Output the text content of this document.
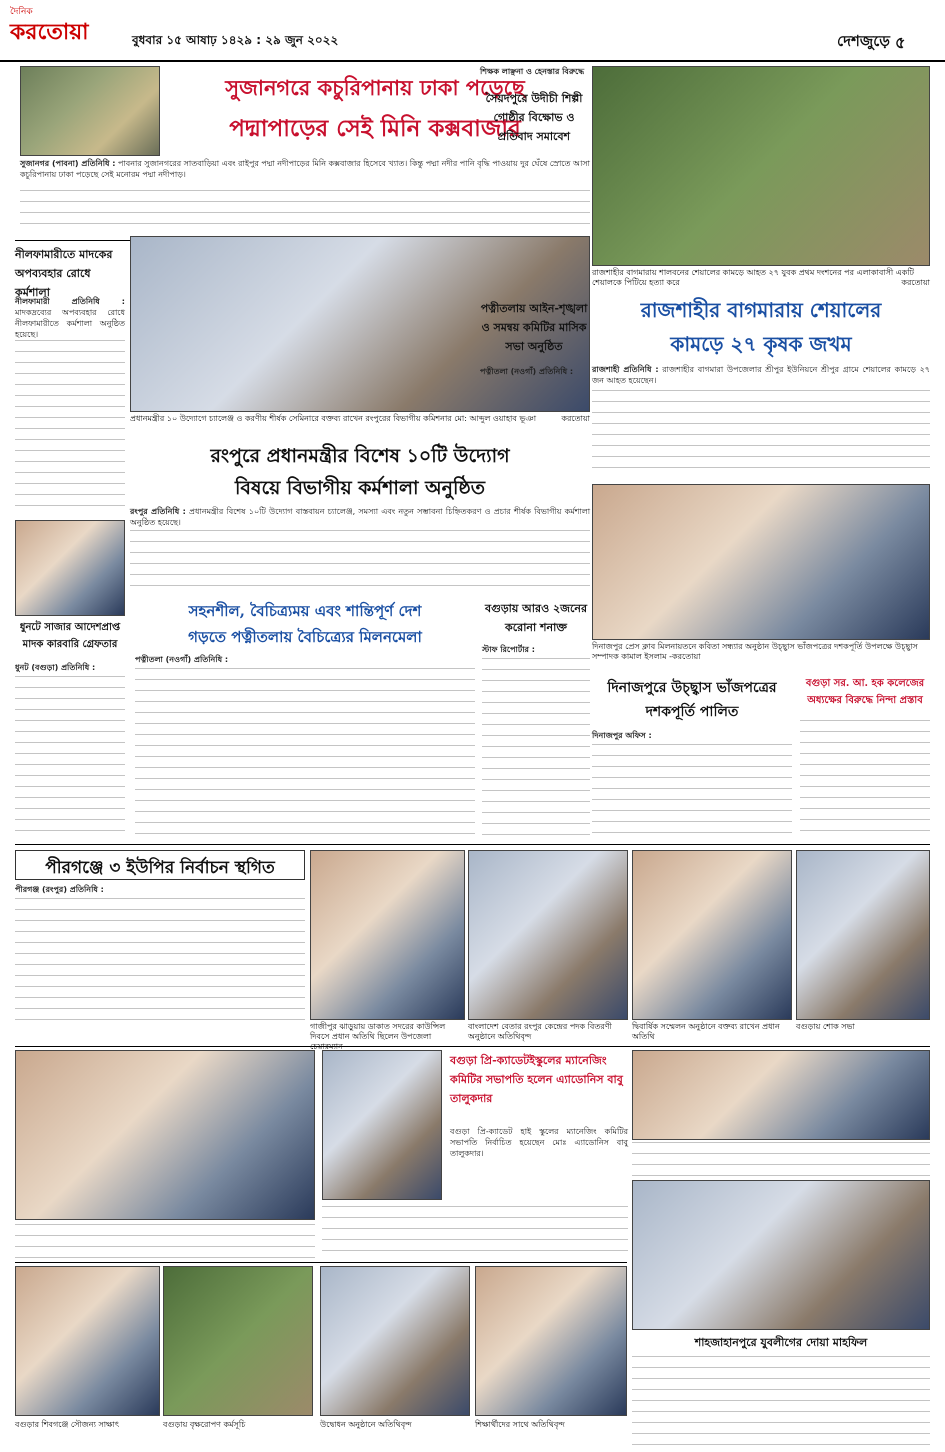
দৈনিক
করতোয়া	বুধবার ১৫ আষাঢ় ১৪২৯ : ২৯ জুন ২০২২	দেশজুড়ে ৫
সুজানগরে কচুরিপানায় ঢাকা পড়েছে
পদ্মাপাড়ের সেই মিনি কক্সবাজার
সুজানগর (পাবনা) প্রতিনিধি : পাবনার সুজানগরের সাতবাড়িয়া এবং রাইপুর পদ্মা নদীপাড়ের মিনি কক্সবাজার হিসেবে খ্যাত। কিন্তু পদ্মা নদীর পানি বৃদ্ধি পাওয়ায় দুর ঘেঁষে স্রোতে আসা কচুরিপানায় ঢাকা পড়েছে সেই মনোরম পদ্মা নদীপাড়।
নীলফামারীতে মাদকের অপব্যবহার রোধে কর্মশালা
নীলফামারী প্রতিনিধি : মাদকদ্রব্যের অপব্যবহার রোধে নীলফামারীতে কর্মশালা অনুষ্ঠিত হয়েছে।
প্রধানমন্ত্রীর ১০ উদ্যোগে চ্যালেঞ্জ ও করণীয় শীর্ষক সেমিনারে বক্তব্য রাখেন রংপুরের বিভাগীয় কমিশনার মো: আব্দুল ওয়াহাব ভূঞা	করতোয়া
রংপুরে প্রধানমন্ত্রীর বিশেষ ১০টি উদ্যোগ
বিষয়ে বিভাগীয় কর্মশালা অনুষ্ঠিত
রংপুর প্রতিনিধি : প্রধানমন্ত্রীর বিশেষ ১০টি উদ্যোগ বাস্তবায়ন চ্যালেঞ্জ, সমস্যা এবং নতুন সম্ভাবনা চিহ্নিতকরণ ও প্রচার শীর্ষক বিভাগীয় কর্মশালা অনুষ্ঠিত হয়েছে।
ধুনটে সাজার আদেশপ্রাপ্ত মাদক কারবারি গ্রেফতার
ধুনট (বগুড়া) প্রতিনিধি :
সহনশীল, বৈচিত্র্যময় এবং শান্তিপূর্ণ দেশ
গড়তে পত্নীতলায় বৈচিত্র্যের মিলনমেলা
পত্নীতলা (নওগাঁ) প্রতিনিধি :
বগুড়ায় আরও ২জনের করোনা শনাক্ত
স্টাফ রিপোর্টার :
শিক্ষক লাঞ্ছনা ও হেনস্তার বিরুদ্ধে
সৈয়দপুরে উদীচী শিল্পী গোষ্ঠীর বিক্ষোভ ও প্রতিবাদ সমাবেশ
পত্নীতলায় আইন-শৃঙ্খলা ও সমন্বয় কমিটির মাসিক সভা অনুষ্ঠিত
পত্নীতলা (নওগাঁ) প্রতিনিধি :
রাজশাহীর বাগমারায় শালবনের শেয়ালের কামড়ে আহত ২৭ যুবক প্রথম দংশনের পর এলাকাবাসী একটি শেয়ালকে পিটিয়ে হত্যা করে	করতোয়া
রাজশাহীর বাগমারায় শেয়ালের
কামড়ে ২৭ কৃষক জখম
রাজশাহী প্রতিনিধি : রাজশাহীর বাগমারা উপজেলার শ্রীপুর ইউনিয়নে শ্রীপুর গ্রামে শেয়ালের কামড়ে ২৭ জন আহত হয়েছেন।
দিনাজপুর প্রেস ক্লাব মিলনায়তনে কবিতা সন্ধ্যার অনুষ্ঠান উচ্ছ্বাস ভাঁজপত্রের দশকপূর্তি উপলক্ষে উচ্ছ্বাস সম্পাদক কামাল ইসলাম -করতোয়া
দিনাজপুরে উচ্ছ্বাস ভাঁজপত্রের দশকপূর্তি পালিত
দিনাজপুর অফিস :
বগুড়া সর. আ. হক কলেজের অধ্যক্ষের বিরুদ্ধে নিন্দা প্রস্তাব
পীরগঞ্জে ৩ ইউপির নির্বাচন স্থগিত
পীরগঞ্জ (রংপুর) প্রতিনিধি :
গাজীপুর ঝাড়ুয়ায় ডাকাত সদরের কাউন্সিল দিবসে প্রধান অতিথি ছিলেন উপজেলা
বাংলাদেশ বেতার রংপুর কেন্দ্রের পদক বিতরণী অনুষ্ঠানে অতিথিবৃন্দ
দ্বিবার্ষিক সম্মেলন অনুষ্ঠানে বক্তব্য রাখেন প্রধান অতিথি
বগুড়ায় শোক সভা
বগুড়া প্রি-ক্যাডেটইস্কুলের ম্যানেজিং কমিটির সভাপতি হলেন এ্যাডোনিস বাবু তালুকদার
বগুড়া প্রি-ক্যাডেট হাই স্কুলের ম্যানেজিং কমিটির সভাপতি নির্বাচিত হয়েছেন মোঃ এ্যাডোনিস বাবু তালুকদার।
শাহজাহানপুরে যুবলীগের দোয়া মাহফিল
বগুড়ার শিবগঞ্জে সৌজন্য সাক্ষাৎ	বগুড়ায় বৃক্ষরোপণ কর্মসূচি	উদ্বোধন অনুষ্ঠানে অতিথিবৃন্দ	শিক্ষার্থীদের সাথে অতিথিবৃন্দ
